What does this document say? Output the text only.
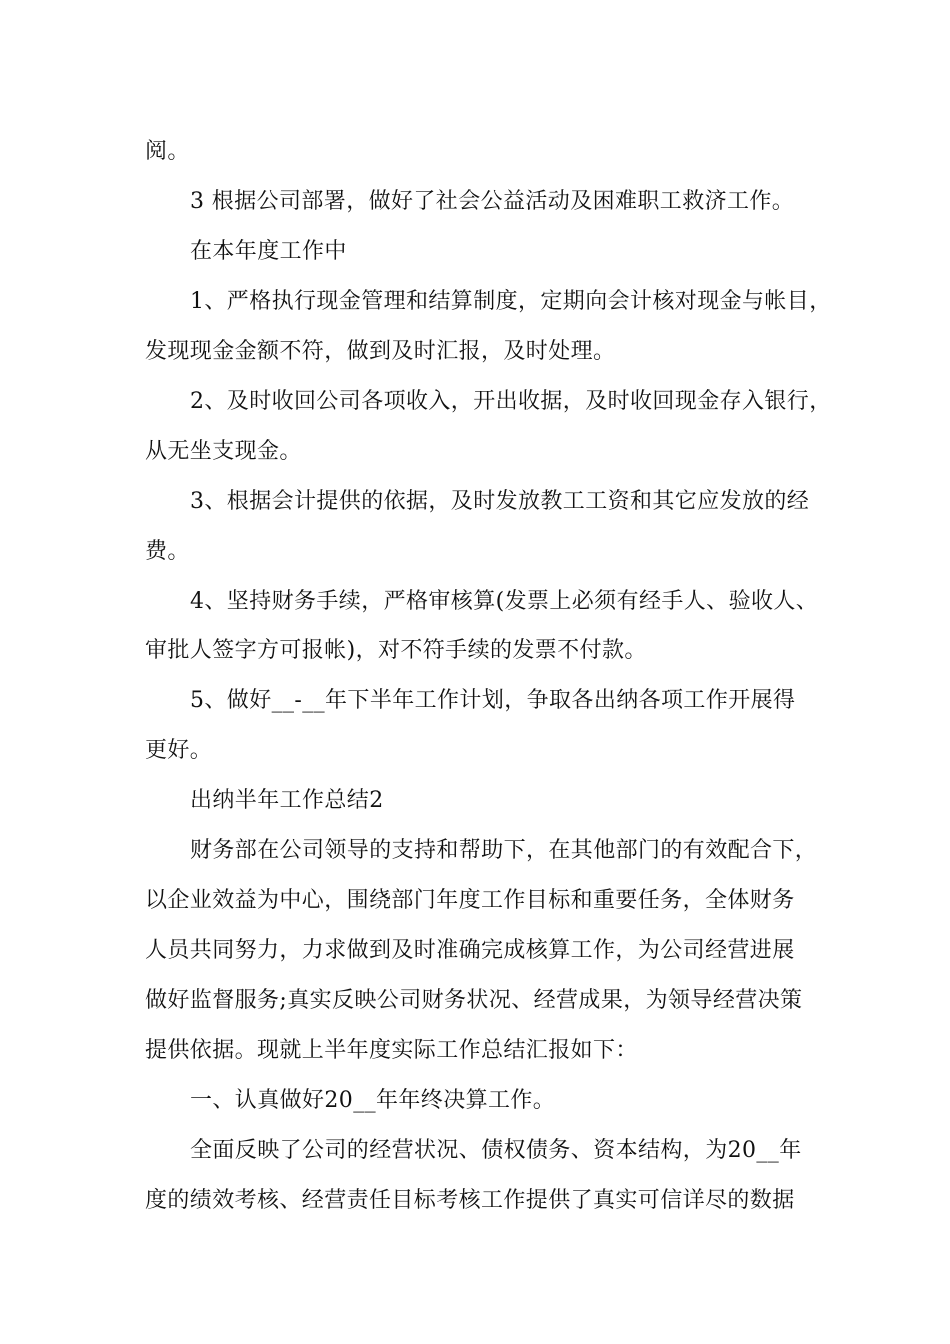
阅。
3 根据公司部署，做好了社会公益活动及困难职工救济工作。
在本年度工作中
1、严格执行现金管理和结算制度，定期向会计核对现金与帐目，
发现现金金额不符，做到及时汇报，及时处理。
2、及时收回公司各项收入，开出收据，及时收回现金存入银行，
从无坐支现金。
3、根据会计提供的依据，及时发放教工工资和其它应发放的经
费。
4、坚持财务手续，严格审核算(发票上必须有经手人、验收人、
审批人签字方可报帐)，对不符手续的发票不付款。
5、做好__-__年下半年工作计划，争取各出纳各项工作开展得
更好。
出纳半年工作总结2
财务部在公司领导的支持和帮助下，在其他部门的有效配合下，
以企业效益为中心，围绕部门年度工作目标和重要任务，全体财务
人员共同努力，力求做到及时准确完成核算工作，为公司经营进展
做好监督服务;真实反映公司财务状况、经营成果，为领导经营决策
提供依据。现就上半年度实际工作总结汇报如下：
一、认真做好20__年年终决算工作。
全面反映了公司的经营状况、债权债务、资本结构，为20__年
度的绩效考核、经营责任目标考核工作提供了真实可信详尽的数据
